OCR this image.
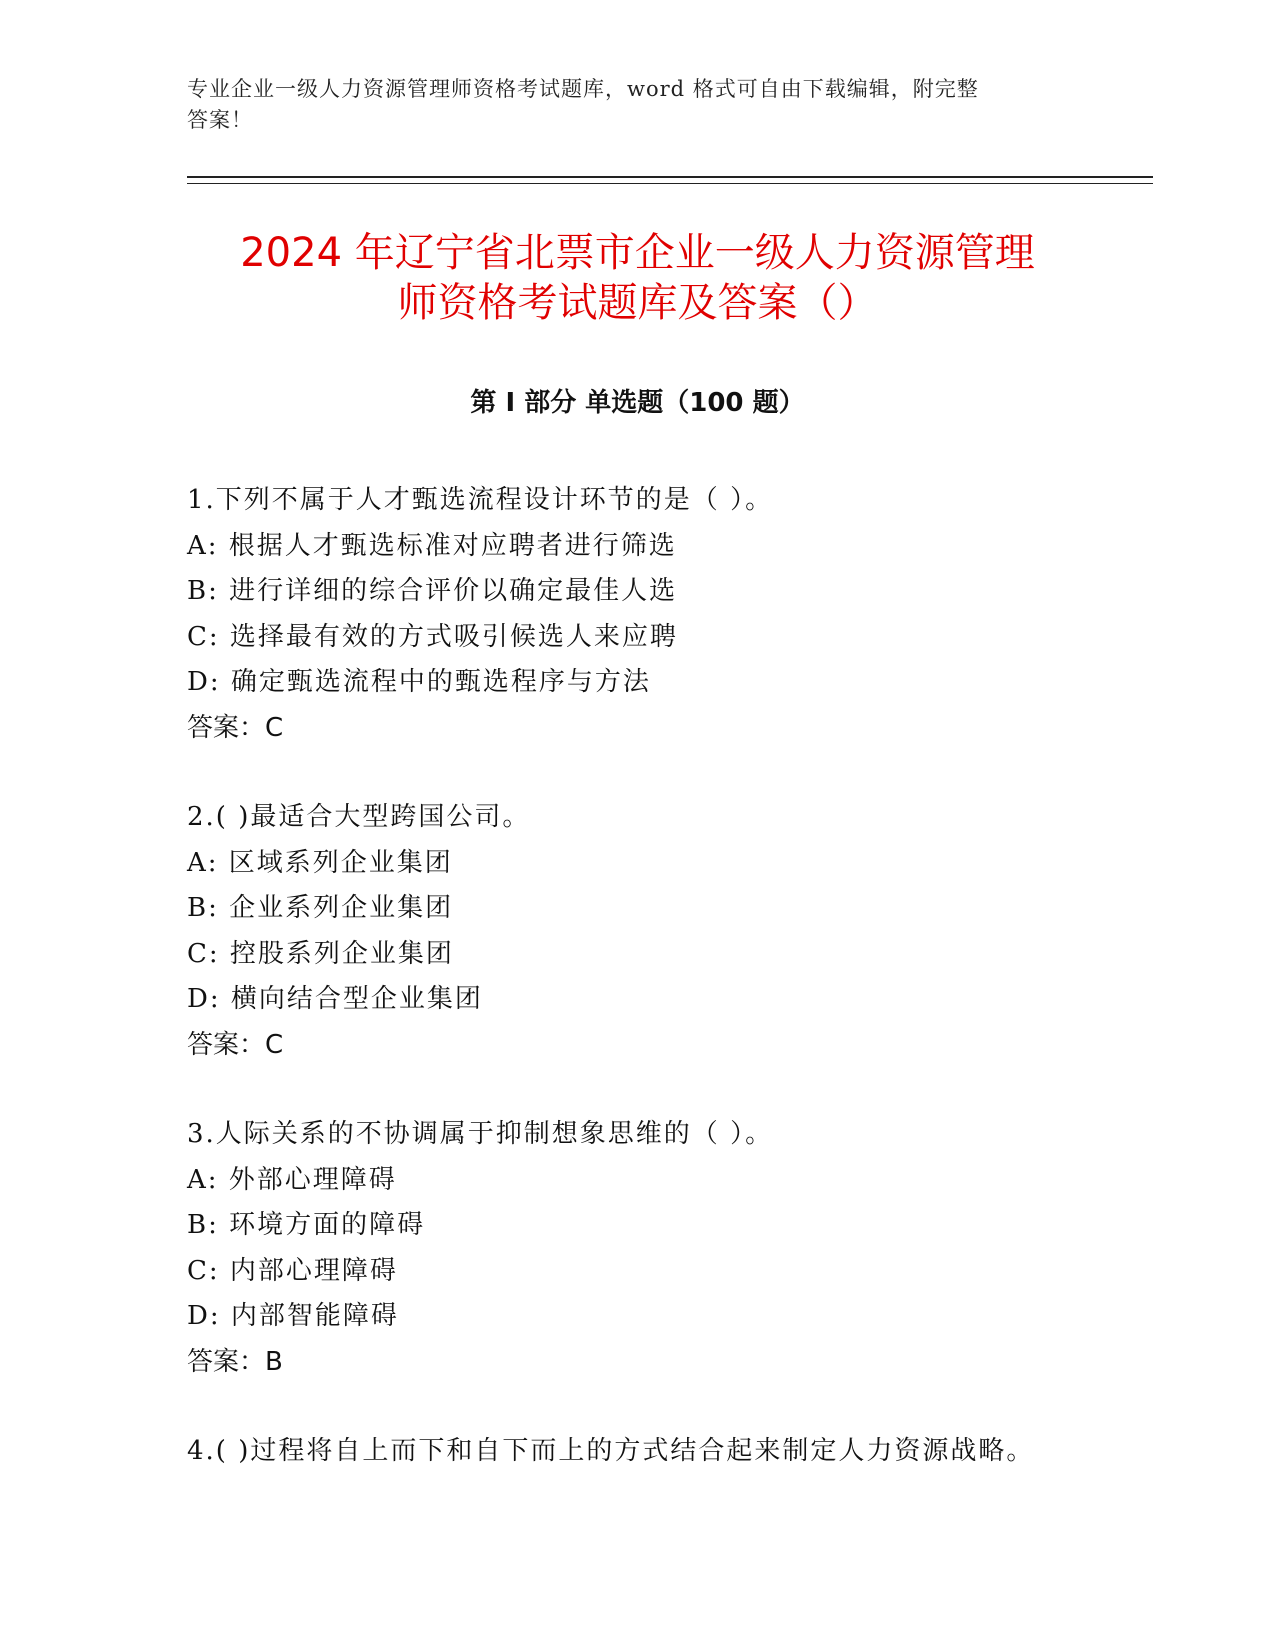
专业企业一级人力资源管理师资格考试题库，word 格式可自由下载编辑，附完整
答案！
2024 年辽宁省北票市企业一级人力资源管理
师资格考试题库及答案（）
第 I 部分 单选题（100 题）
1.下列不属于人才甄选流程设计环节的是（ ）。
A: 根据人才甄选标准对应聘者进行筛选
B: 进行详细的综合评价以确定最佳人选
C: 选择最有效的方式吸引候选人来应聘
D: 确定甄选流程中的甄选程序与方法
答案：C
2.( )最适合大型跨国公司。
A: 区域系列企业集团
B: 企业系列企业集团
C: 控股系列企业集团
D: 横向结合型企业集团
答案：C
3.人际关系的不协调属于抑制想象思维的（ ）。
A: 外部心理障碍
B: 环境方面的障碍
C: 内部心理障碍
D: 内部智能障碍
答案：B
4.( )过程将自上而下和自下而上的方式结合起来制定人力资源战略。
